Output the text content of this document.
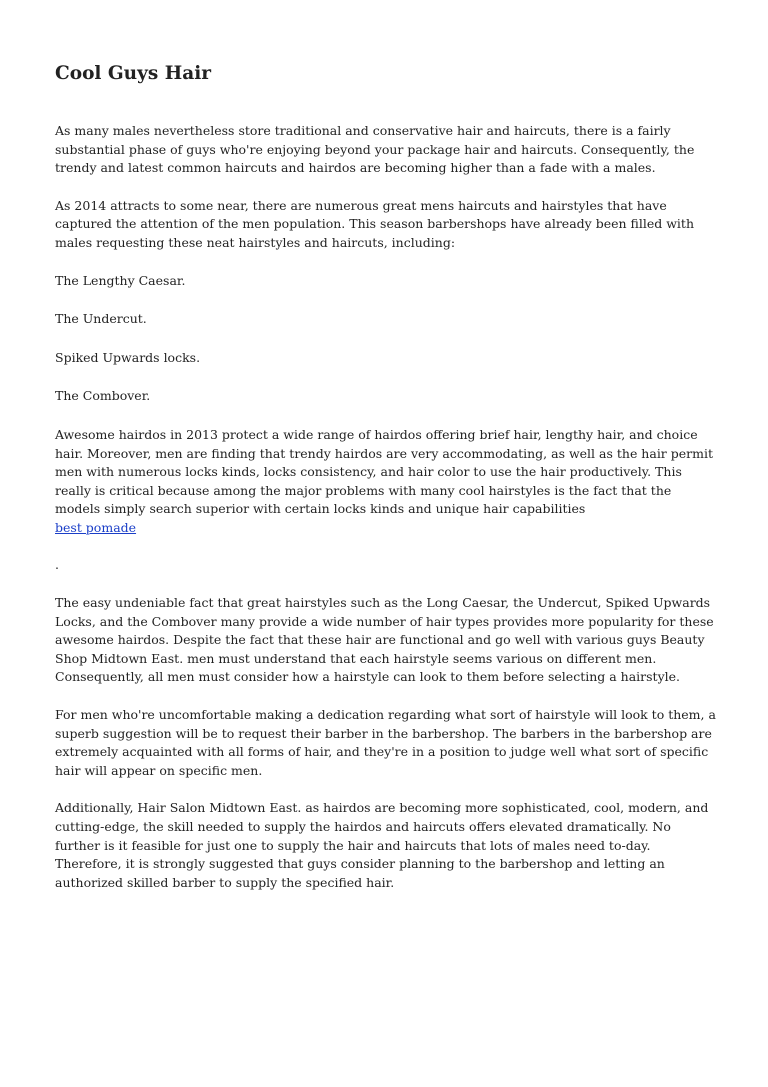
Cool Guys Hair

As many males nevertheless store traditional and conservative hair and haircuts, there is a fairly substantial phase of guys who're enjoying beyond your package hair and haircuts. Consequently, the trendy and latest common haircuts and hairdos are becoming higher than a fade with a males.

As 2014 attracts to some near, there are numerous great mens haircuts and hairstyles that have captured the attention of the men population. This season barbershops have already been filled with males requesting these neat hairstyles and haircuts, including:

The Lengthy Caesar.

The Undercut.

Spiked Upwards locks.

The Combover.

Awesome hairdos in 2013 protect a wide range of hairdos offering brief hair, lengthy hair, and choice hair. Moreover, men are finding that trendy hairdos are very accommodating, as well as the hair permit men with numerous locks kinds, locks consistency, and hair color to use the hair productively. This really is critical because among the major problems with many cool hairstyles is the fact that the models simply search superior with certain locks kinds and unique hair capabilities
best pomade

.

The easy undeniable fact that great hairstyles such as the Long Caesar, the Undercut, Spiked Upwards Locks, and the Combover many provide a wide number of hair types provides more popularity for these awesome hairdos. Despite the fact that these hair are functional and go well with various guys Beauty Shop Midtown East. men must understand that each hairstyle seems various on different men. Consequently, all men must consider how a hairstyle can look to them before selecting a hairstyle.

For men who're uncomfortable making a dedication regarding what sort of hairstyle will look to them, a superb suggestion will be to request their barber in the barbershop. The barbers in the barbershop are extremely acquainted with all forms of hair, and they're in a position to judge well what sort of specific hair will appear on specific men.

Additionally, Hair Salon Midtown East. as hairdos are becoming more sophisticated, cool, modern, and cutting-edge, the skill needed to supply the hairdos and haircuts offers elevated dramatically. No further is it feasible for just one to supply the hair and haircuts that lots of males need to-day. Therefore, it is strongly suggested that guys consider planning to the barbershop and letting an authorized skilled barber to supply the specified hair.
